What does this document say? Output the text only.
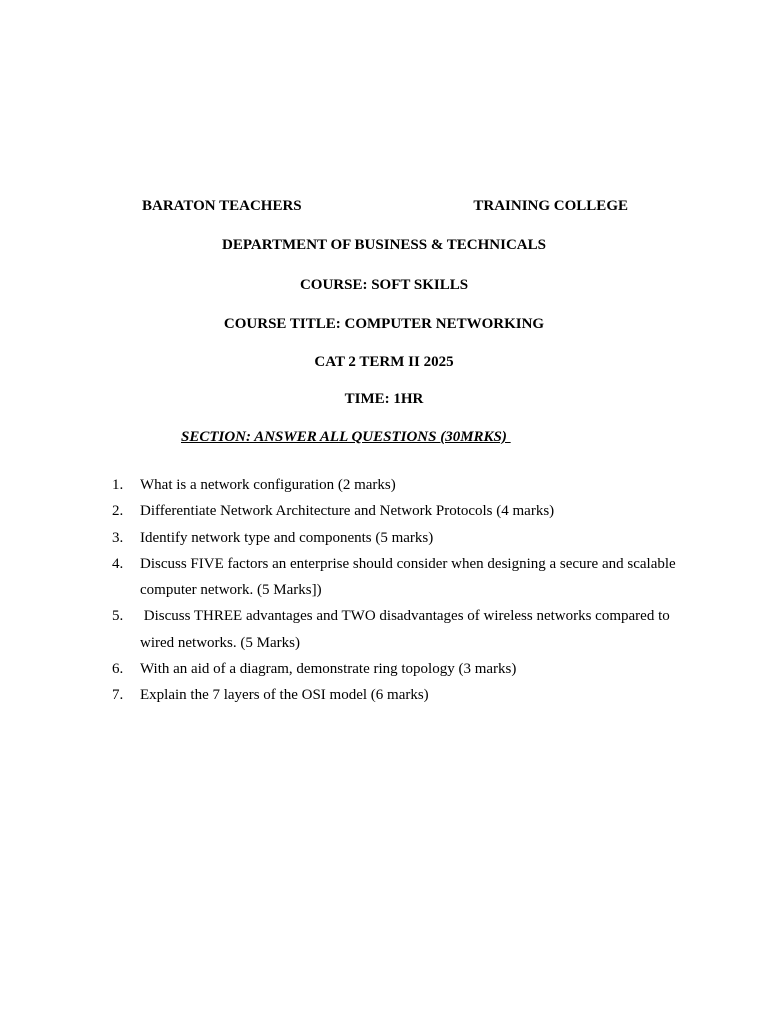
BARATON TEACHERS	TRAINING COLLEGE
DEPARTMENT OF BUSINESS & TECHNICALS
COURSE: SOFT SKILLS
COURSE TITLE: COMPUTER NETWORKING
CAT 2 TERM II 2025
TIME: 1HR
SECTION: ANSWER ALL QUESTIONS (30MRKS)
1.	What is a network configuration (2 marks)
2.	Differentiate Network Architecture and Network Protocols (4 marks)
3.	Identify network type and components (5 marks)
4.	Discuss FIVE factors an enterprise should consider when designing a secure and scalable computer network. (5 Marks])
5.	Discuss THREE advantages and TWO disadvantages of wireless networks compared to wired networks. (5 Marks)
6.	With an aid of a diagram, demonstrate ring topology (3 marks)
7.	Explain the 7 layers of the OSI model (6 marks)
